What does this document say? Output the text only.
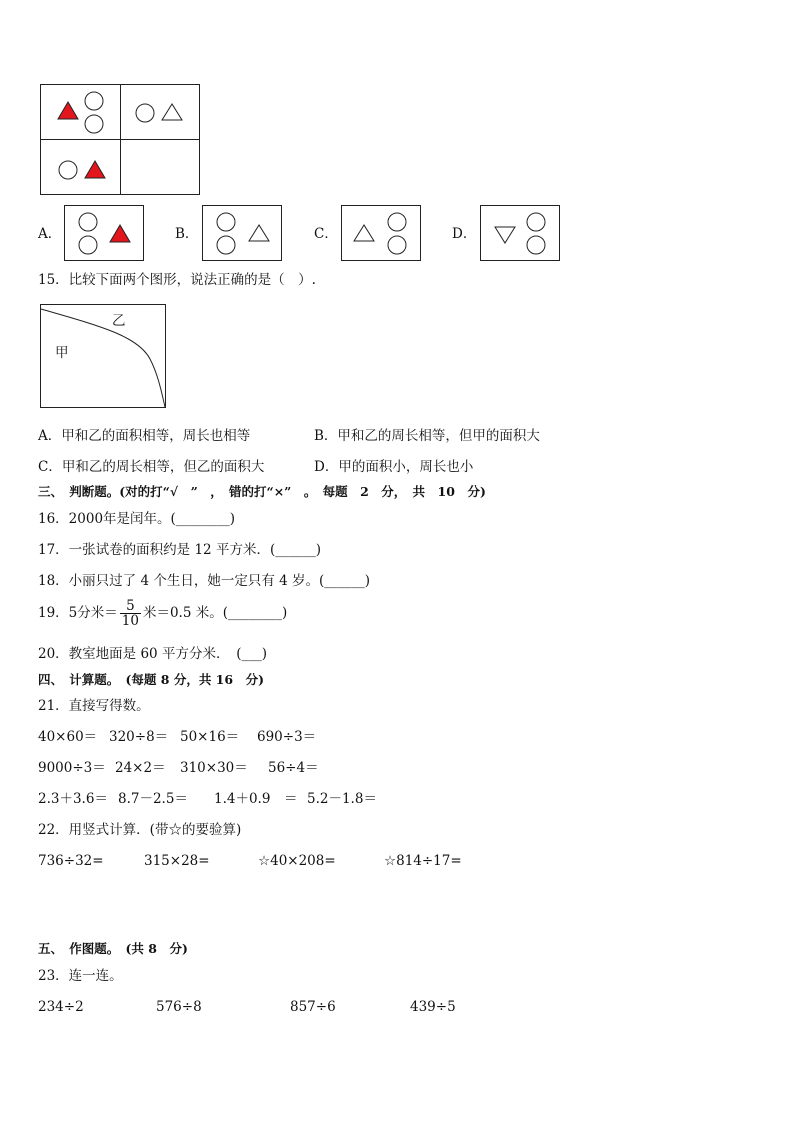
A．	B．	C．	D．
15．比较下面两个图形，说法正确的是（　）.
乙
甲
A．甲和乙的面积相等，周长也相等	B．甲和乙的周长相等，但甲的面积大
C．甲和乙的周长相等，但乙的面积大	D．甲的面积小，周长也小
三、　判断题。(对的打“√　”　，　错的打“×”　。　每题　2　分，　共　10　分)
16．2000年是闰年。(________)
17．一张试卷的面积约是 12 平方米．(______)
18．小丽只过了 4 个生日，她一定只有 4 岁。(______)
19．5分米＝ $\frac{5}{10}$ 米＝0.5 米。(________)
20．教室地面是 60 平方分米．　(___)
四、　计算题。　(每题 8 分，共 16　分)
21．直接写得数。
40×60＝ 320÷8＝ 50×16＝ 690÷3＝
9000÷3＝ 24×2＝ 310×30＝ 56÷4＝
2.3＋3.6＝ 8.7－2.5＝ 1.4＋0.9　＝ 5.2－1.8＝
22．用竖式计算．(带☆的要验算)
736÷32=	315×28=	☆40×208=	☆814÷17=
五、　作图题。　(共 8　分)
23．连一连。
234÷2	576÷8	857÷6	439÷5
